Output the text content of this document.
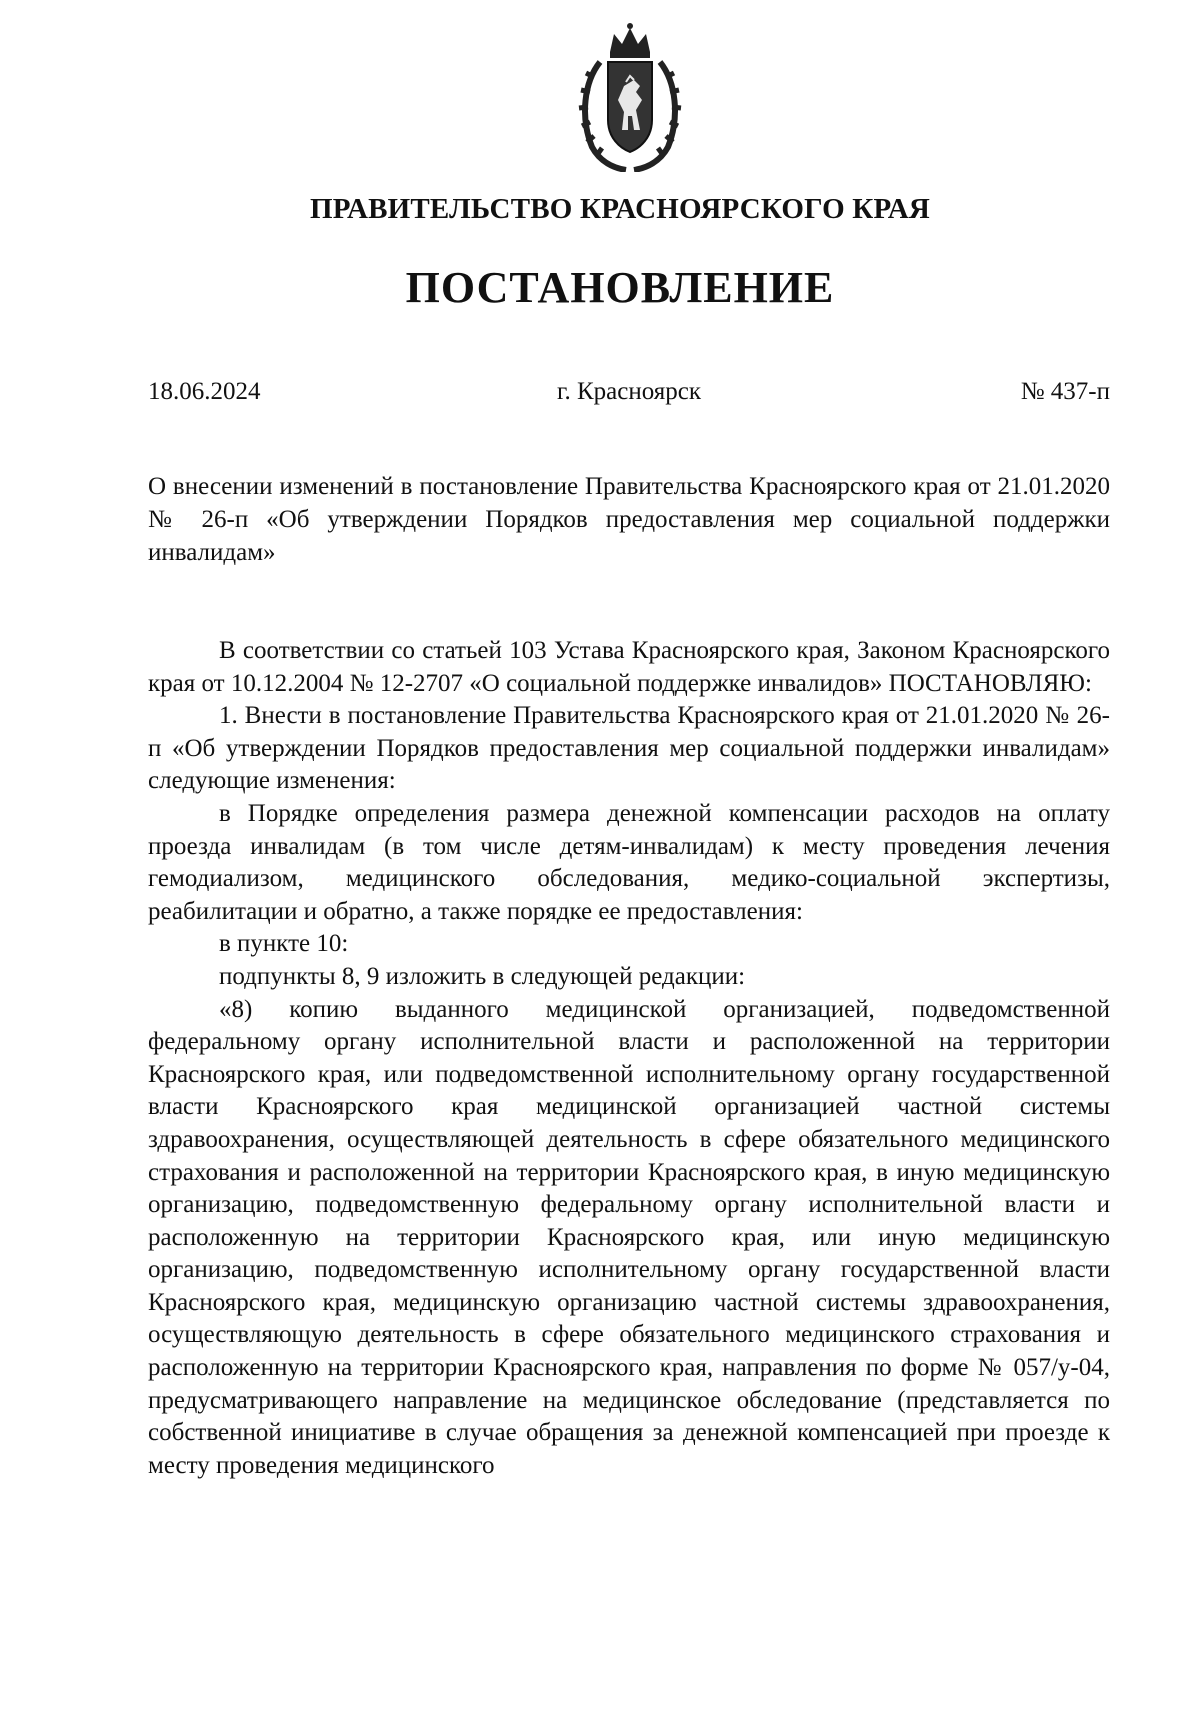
ПРАВИТЕЛЬСТВО КРАСНОЯРСКОГО КРАЯ
ПОСТАНОВЛЕНИЕ
18.06.2024	г. Красноярск	№ 437-п
О внесении изменений в постановление Правительства Красноярского края от 21.01.2020 № 26-п «Об утверждении Порядков предоставления мер социальной поддержки инвалидам»

В соответствии со статьей 103 Устава Красноярского края, Законом Красноярского края от 10.12.2004 № 12-2707 «О социальной поддержке инвалидов» ПОСТАНОВЛЯЮ:

1. Внести в постановление Правительства Красноярского края от 21.01.2020 № 26-п «Об утверждении Порядков предоставления мер социальной поддержки инвалидам» следующие изменения:

в Порядке определения размера денежной компенсации расходов на оплату проезда инвалидам (в том числе детям-инвалидам) к месту проведения лечения гемодиализом, медицинского обследования, медико-социальной экспертизы, реабилитации и обратно, а также порядке ее предоставления:

в пункте 10:

подпункты 8, 9 изложить в следующей редакции:

«8) копию выданного медицинской организацией, подведомственной федеральному органу исполнительной власти и расположенной на территории Красноярского края, или подведомственной исполнительному органу государственной власти Красноярского края медицинской организацией частной системы здравоохранения, осуществляющей деятельность в сфере обязательного медицинского страхования и расположенной на территории Красноярского края, в иную медицинскую организацию, подведомственную федеральному органу исполнительной власти и расположенную на территории Красноярского края, или иную медицинскую организацию, подведомственную исполнительному органу государственной власти Красноярского края, медицинскую организацию частной системы здравоохранения, осуществляющую деятельность в сфере обязательного медицинского страхования и расположенную на территории Красноярского края, направления по форме № 057/у-04, предусматривающего направление на медицинское обследование (представляется по собственной инициативе в случае обращения за денежной компенсацией при проезде к месту проведения медицинского
